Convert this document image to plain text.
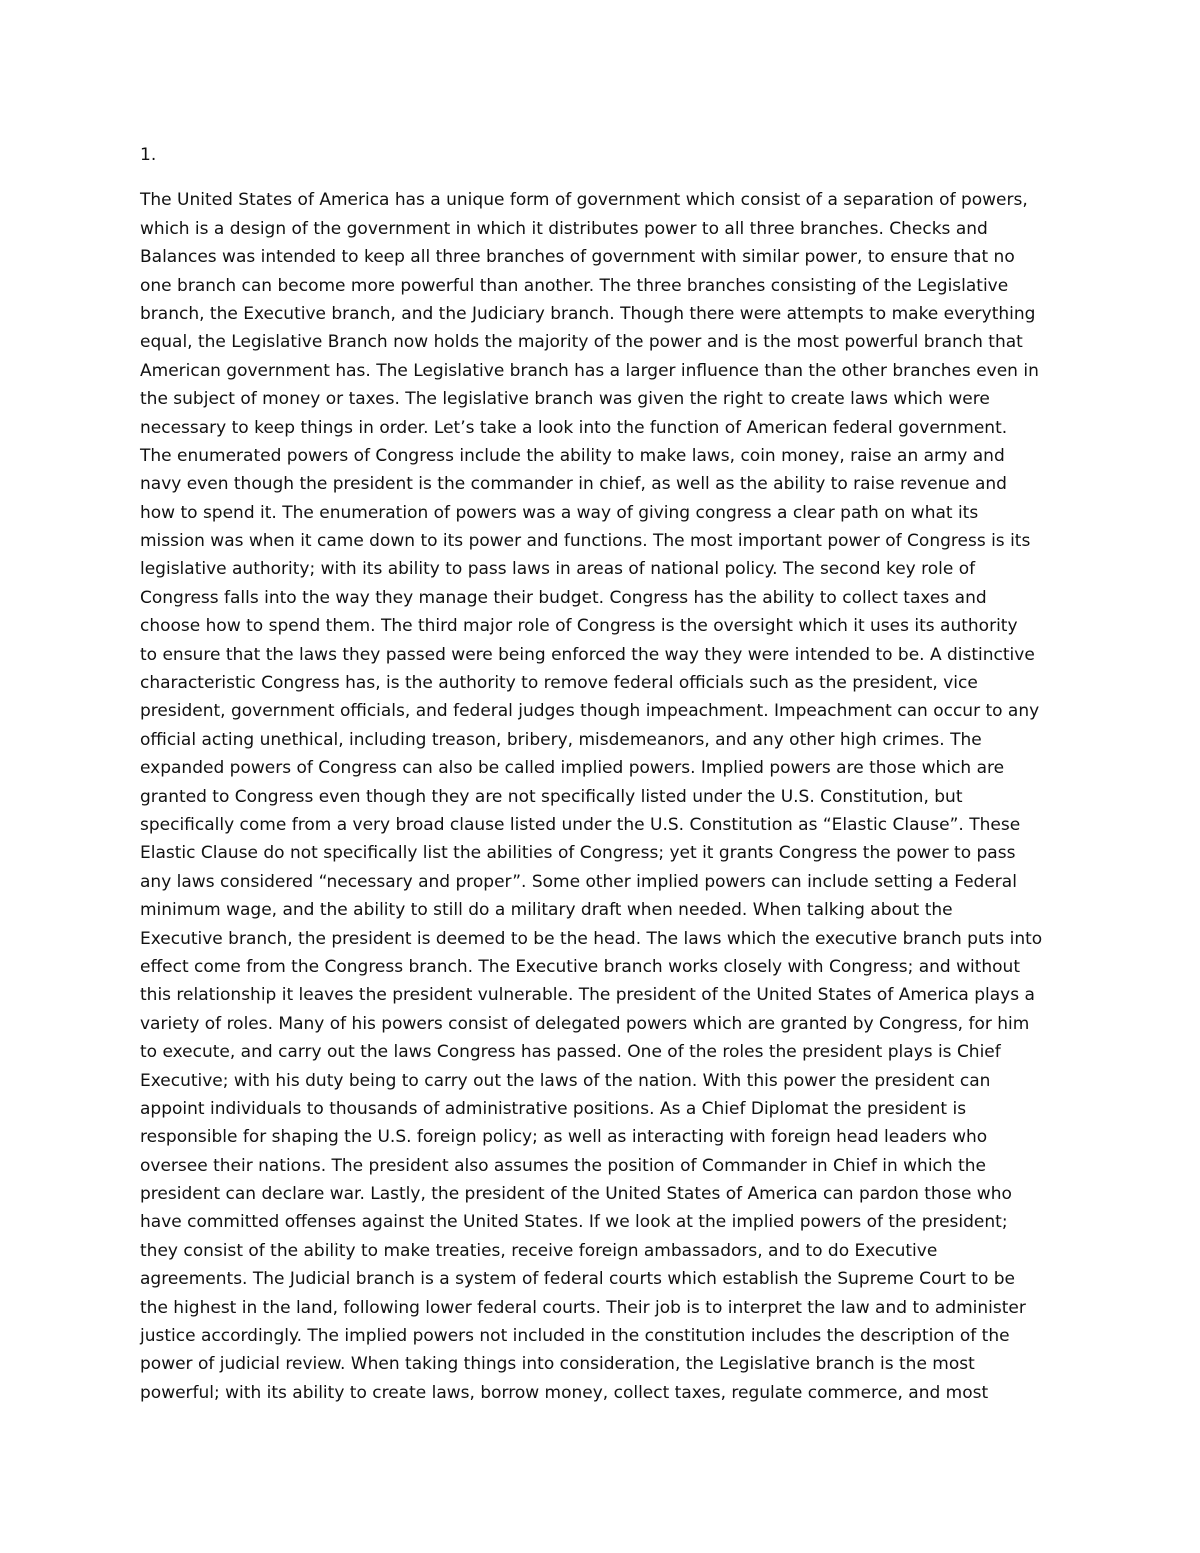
1.
The United States of America has a unique form of government which consist of a separation of powers,
which is a design of the government in which it distributes power to all three branches. Checks and
Balances was intended to keep all three branches of government with similar power, to ensure that no
one branch can become more powerful than another. The three branches consisting of the Legislative
branch, the Executive branch, and the Judiciary branch. Though there were attempts to make everything
equal, the Legislative Branch now holds the majority of the power and is the most powerful branch that
American government has. The Legislative branch has a larger influence than the other branches even in
the subject of money or taxes. The legislative branch was given the right to create laws which were
necessary to keep things in order. Let’s take a look into the function of American federal government.
The enumerated powers of Congress include the ability to make laws, coin money, raise an army and
navy even though the president is the commander in chief, as well as the ability to raise revenue and
how to spend it. The enumeration of powers was a way of giving congress a clear path on what its
mission was when it came down to its power and functions. The most important power of Congress is its
legislative authority; with its ability to pass laws in areas of national policy. The second key role of
Congress falls into the way they manage their budget. Congress has the ability to collect taxes and
choose how to spend them. The third major role of Congress is the oversight which it uses its authority
to ensure that the laws they passed were being enforced the way they were intended to be. A distinctive
characteristic Congress has, is the authority to remove federal officials such as the president, vice
president, government officials, and federal judges though impeachment. Impeachment can occur to any
official acting unethical, including treason, bribery, misdemeanors, and any other high crimes. The
expanded powers of Congress can also be called implied powers. Implied powers are those which are
granted to Congress even though they are not specifically listed under the U.S. Constitution, but
specifically come from a very broad clause listed under the U.S. Constitution as “Elastic Clause”. These
Elastic Clause do not specifically list the abilities of Congress; yet it grants Congress the power to pass
any laws considered “necessary and proper”. Some other implied powers can include setting a Federal
minimum wage, and the ability to still do a military draft when needed. When talking about the
Executive branch, the president is deemed to be the head. The laws which the executive branch puts into
effect come from the Congress branch. The Executive branch works closely with Congress; and without
this relationship it leaves the president vulnerable. The president of the United States of America plays a
variety of roles. Many of his powers consist of delegated powers which are granted by Congress, for him
to execute, and carry out the laws Congress has passed. One of the roles the president plays is Chief
Executive; with his duty being to carry out the laws of the nation. With this power the president can
appoint individuals to thousands of administrative positions. As a Chief Diplomat the president is
responsible for shaping the U.S. foreign policy; as well as interacting with foreign head leaders who
oversee their nations. The president also assumes the position of Commander in Chief in which the
president can declare war. Lastly, the president of the United States of America can pardon those who
have committed offenses against the United States. If we look at the implied powers of the president;
they consist of the ability to make treaties, receive foreign ambassadors, and to do Executive
agreements. The Judicial branch is a system of federal courts which establish the Supreme Court to be
the highest in the land, following lower federal courts. Their job is to interpret the law and to administer
justice accordingly. The implied powers not included in the constitution includes the description of the
power of judicial review. When taking things into consideration, the Legislative branch is the most
powerful; with its ability to create laws, borrow money, collect taxes, regulate commerce, and most
